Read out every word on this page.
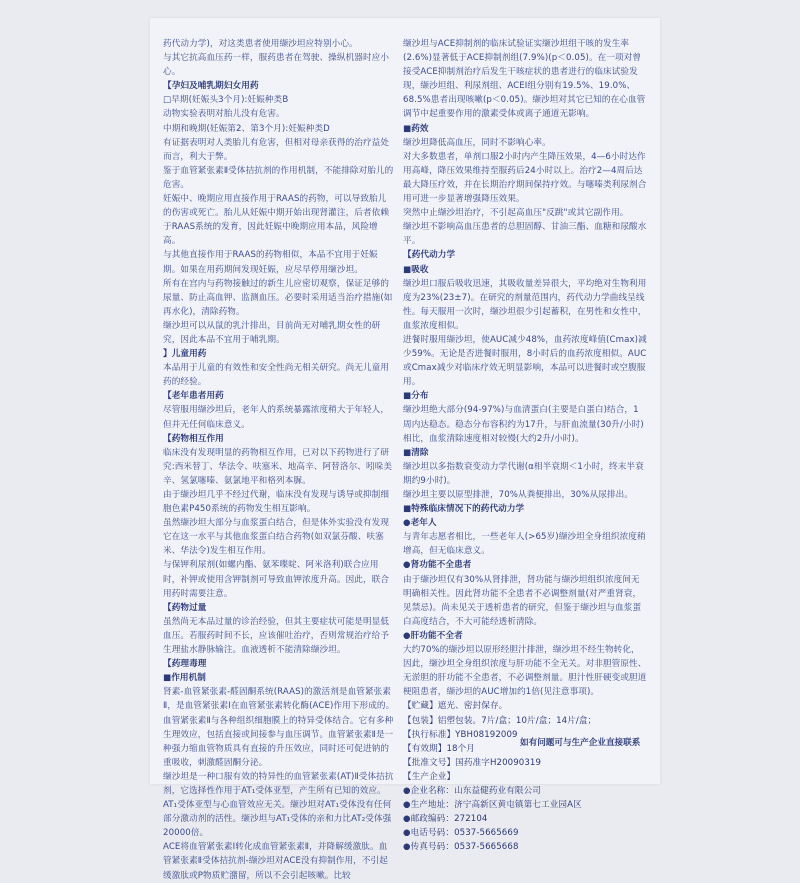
药代动力学)，对这类患者使用缬沙坦应特别小心。

与其它抗高血压药一样，服药患者在驾驶、操纵机器时应小心。

【孕妇及哺乳期妇女用药

□早期(妊娠头3个月):妊娠种类B

动物实验表明对胎儿没有危害。

中期和晚期(妊娠第2、第3个月):妊娠种类D

有证据表明对人类胎儿有危害，但相对母亲获得的治疗益处而言，利大于弊。

鉴于血管紧张素Ⅱ受体拮抗剂的作用机制，不能排除对胎儿的危害。

妊娠中、晚期应用直接作用于RAAS的药物，可以导致胎儿的伤害或死亡。胎儿从妊娠中期开始出现肾灌注，后者依赖于RAAS系统的发育，因此妊娠中晚期应用本品，风险增高。

与其他直接作用于RAAS的药物相似，本品不宜用于妊娠期。如果在用药期间发现妊娠，应尽早停用缬沙坦。

所有在宫内与药物接触过的新生儿应密切观察，保证足够的尿量、防止高血钾、监测血压。必要时采用适当治疗措施(如再水化)，清除药物。

缬沙坦可以从鼠的乳汁排出，目前尚无对哺乳期女性的研究，因此本品不宜用于哺乳期。

】儿童用药

本品用于儿童的有效性和安全性尚无相关研究。尚无儿童用药的经验。

【老年患者用药

尽管服用缬沙坦后，老年人的系统暴露浓度稍大于年轻人，但并无任何临床意义。

【药物相互作用

临床没有发现明显的药物相互作用，已对以下药物进行了研究:西米替丁、华法令、呋塞米、地高辛、阿替洛尔、吲哚美辛、氢氯噻嗪、氨氯地平和格列本脲。

由于缬沙坦几乎不经过代谢，临床没有发现与诱导或抑制细胞色素P450系统的药物发生相互影响。

虽然缬沙坦大部分与血浆蛋白结合，但是体外实验没有发现它在这一水平与其他血浆蛋白结合药物(如双氯芬酸、呋塞米、华法令)发生相互作用。

与保钾利尿剂(如螺内酯、氨苯喋啶、阿米洛利)联合应用时，补钾或使用含钾制剂可导致血钾浓度升高。因此，联合用药时需要注意。

【药物过量

虽然尚无本品过量的诊治经验，但其主要症状可能是明显低血压。若服药时间不长，应该催吐治疗，否则常规治疗给予生理盐水静脉输注。血液透析不能清除缬沙坦。

【药理毒理

■作用机制

肾素-血管紧张素-醛固酮系统(RAAS)的激活剂是血管紧张素Ⅱ，是血管紧张素Ⅰ在血管紧张素转化酶(ACE)作用下形成的。血管紧张素Ⅱ与各种组织细胞膜上的特异受体结合。它有多种生理效应，包括直接或间接参与血压调节。血管紧张素Ⅱ是一种强力缩血管物质具有直接的升压效应，同时还可促进钠的重吸收，刺激醛固酮分泌。

缬沙坦是一种口服有效的特异性的血管紧张素(AT)Ⅱ受体拮抗剂，它选择性作用于AT₁受体亚型，产生所有已知的效应。AT₁受体亚型与心血管效应无关。缬沙坦对AT₁受体没有任何部分激动剂的活性。缬沙坦与AT₁受体的亲和力比AT₂受体强20000倍。

ACE将血管紧张素Ⅰ转化成血管紧张素Ⅱ，并降解缓激肽。血管紧张素Ⅱ受体拮抗剂-缬沙坦对ACE没有抑制作用，不引起缓激肽或P物质贮潴留，所以不会引起咳嗽。比较

缬沙坦与ACE抑制剂的临床试验证实缬沙坦组干咳的发生率(2.6%)显著低于ACE抑制剂组(7.9%)(p＜0.05)。在一项对曾接受ACE抑制剂治疗后发生干咳症状的患者进行的临床试验发现，缬沙坦组、利尿剂组、ACEI组分别有19.5%、19.0%、68.5%患者出现咳嗽(p＜0.05)。缬沙坦对其它已知的在心血管调节中起重要作用的激素受体或离子通道无影响。

■药效

缬沙坦降低高血压，同时不影响心率。

对大多数患者，单剂口服2小时内产生降压效果，4—6小时达作用高峰，降压效果维持至服药后24小时以上。治疗2—4周后达最大降压疗效，并在长期治疗期间保持疗效。与噻嗪类利尿剂合用可进一步显著增强降压效果。

突然中止缬沙坦治疗，不引起高血压"反跳"或其它副作用。

缬沙坦不影响高血压患者的总胆固醇、甘油三酯、血糖和尿酸水平。

【药代动力学

■吸收

缬沙坦口服后吸收迅速，其吸收量差异很大，平均绝对生物利用度为23%(23±7)。在研究的剂量范围内，药代动力学曲线呈线性。每天服用一次时，缬沙坦很少引起蓄积，在男性和女性中，血浆浓度相似。

进餐时服用缬沙坦，使AUC减少48%，血药浓度峰值(Cmax)减少59%。无论是否进餐时服用，8小时后的血药浓度相似。AUC或Cmax减少对临床疗效无明显影响，本品可以进餐时或空腹服用。

■分布

缬沙坦绝大部分(94-97%)与血清蛋白(主要是白蛋白)结合，1周内达稳态。稳态分布容积约为17升，与肝血流量(30升/小时)相比，血浆清除速度相对较慢(大约2升/小时)。

■清除

缬沙坦以多指数衰变动力学代谢(α相半衰期＜1小时，终末半衰期约9小时)。

缬沙坦主要以原型排泄，70%从粪便排出，30%从尿排出。

■特殊临床情况下的药代动力学

●老年人

与青年志愿者相比，一些老年人(>65岁)缬沙坦全身组织浓度稍增高，但无临床意义。

●肾功能不全患者

由于缬沙坦仅有30%从肾排泄，肾功能与缬沙坦组织浓度间无明确相关性。因此肾功能不全患者不必调整剂量(对严重肾衰，见禁忌)。尚未见关于透析患者的研究，但鉴于缬沙坦与血浆蛋白高度结合，不大可能经透析清除。

●肝功能不全者

大约70%的缬沙坦以原形经胆汁排泄，缬沙坦不经生物转化，因此，缬沙坦全身组织浓度与肝功能不全无关。对非胆管原性、无淤胆的肝功能不全患者，不必调整剂量。胆汁性肝硬变或胆道梗阻患者，缬沙坦的AUC增加约1倍(见注意事项)。

【贮藏】遮光、密封保存。

【包装】铝塑包装。7片/盒；10片/盒；14片/盒；

【执行标准】YBH08192009

【有效期】18个月

【批准文号】国药准字H20090319

【生产企业】

●企业名称：山东益健药业有限公司

●生产地址：济宁高新区黄屯镇第七工业园A区

●邮政编码：272104

●电话号码：0537-5665669

●传真号码：0537-5665668

如有问题可与生产企业直接联系
